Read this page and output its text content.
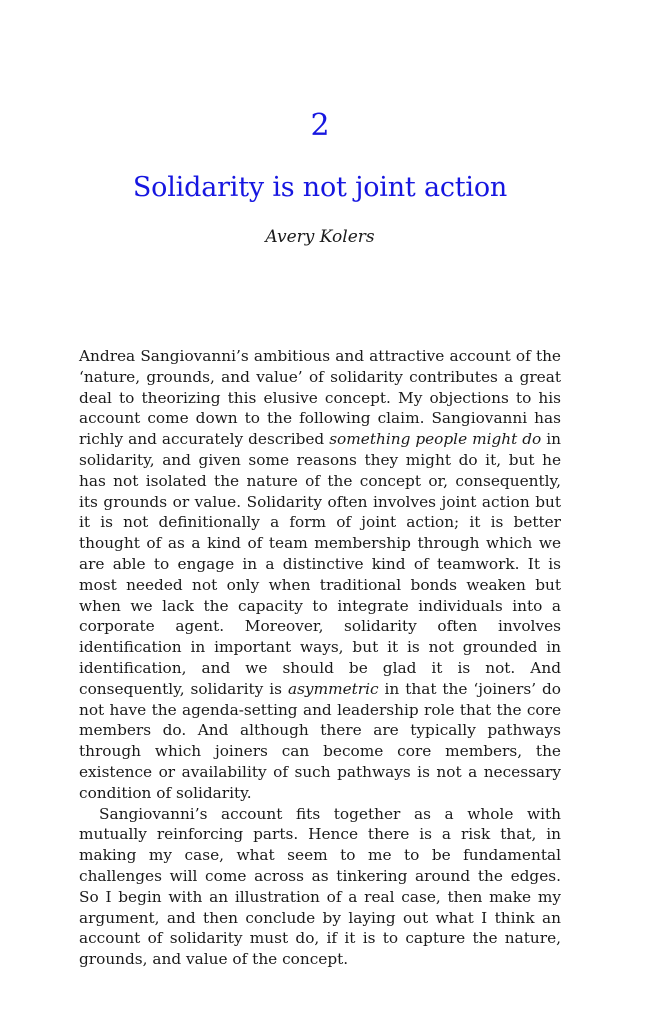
2
Solidarity is not joint action
Avery Kolers

Andrea Sangiovanni’s ambitious and attractive account of the ‘nature, grounds, and value’ of solidarity contributes a great deal to theorizing this elusive concept. My objections to his account come down to the following claim. Sangiovanni has richly and accurately described something people might do in solidarity, and given some reasons they might do it, but he has not isolated the nature of the concept or, consequently, its grounds or value. Solidarity often involves joint action but it is not definitionally a form of joint action; it is better thought of as a kind of team membership through which we are able to engage in a distinctive kind of teamwork. It is most needed not only when traditional bonds weaken but when we lack the capacity to integrate individuals into a corporate agent. Moreover, solidarity often involves identification in important ways, but it is not grounded in identification, and we should be glad it is not. And consequently, solidarity is asymmetric in that the ‘joiners’ do not have the agenda-setting and leadership role that the core members do. And although there are typically pathways through which joiners can become core members, the existence or availability of such pathways is not a necessary condition of solidarity.

Sangiovanni’s account fits together as a whole with mutually reinforcing parts. Hence there is a risk that, in making my case, what seem to me to be fundamental challenges will come across as tinkering around the edges. So I begin with an illustration of a real case, then make my argument, and then conclude by laying out what I think an account of solidarity must do, if it is to capture the nature, grounds, and value of the concept.
